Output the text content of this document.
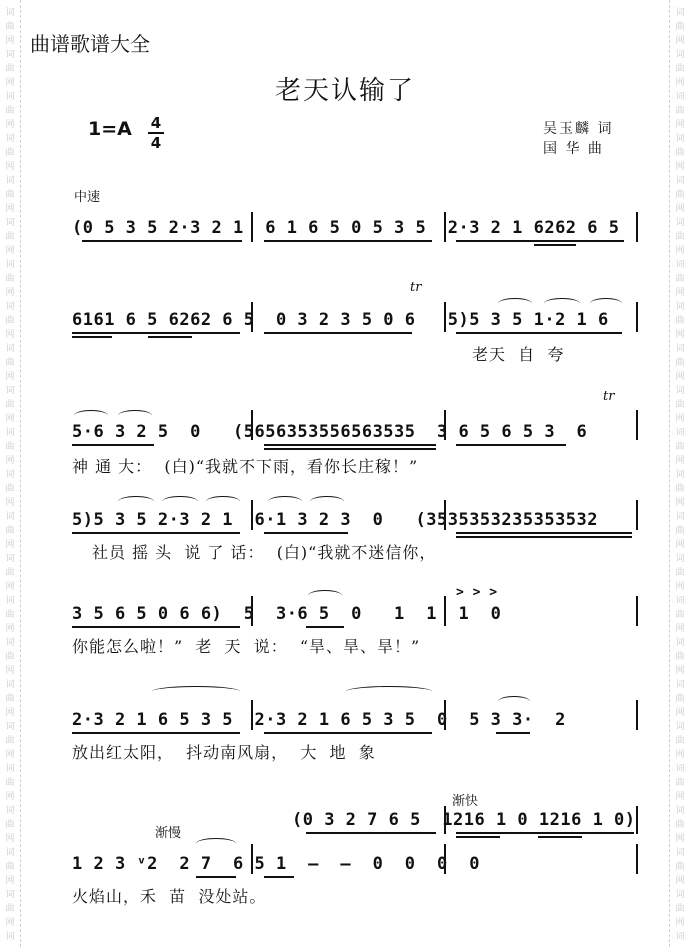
词
曲
网
词
曲
网
词
曲
网
词
曲
网
词
曲
网
词
曲
网
词
曲
网
词
曲
网
词
曲
网
词
曲
网
词
曲
网
词
曲
网
词
曲
网
词
曲
网
词
曲
网
词
曲
网
词
曲
网
词
曲
网
词
曲
网
词
曲
网
词
曲
网
词
曲
网
词
词
曲
网
词
曲
网
词
曲
网
词
曲
网
词
曲
网
词
曲
网
词
曲
网
词
曲
网
词
曲
网
词
曲
网
词
曲
网
词
曲
网
词
曲
网
词
曲
网
词
曲
网
词
曲
网
词
曲
网
词
曲
网
词
曲
网
词
曲
网
词
曲
网
词
曲
网
词
曲谱歌谱大全
老天认输了
1=A 4
4
吴玉麟 词
国 华 曲
中速
tr
tr
渐慢
渐快
(0 5 3 5 2·3 2 1  6 1 6 5 0 5 3 5  2·3 2 1 6262 6 5
6161 6 5 6262 6 5  0 3 2 3 5 0 6   5)5 3 5 1·2 1 6
老天  自  夸
5·6 3 2 5  0   (5656353556563535  3 6 5 6 5 3  6
神 通 大：  (白)“我就不下雨，看你长庄稼！”
5)5 3 5 2·3 2 1  6·1 3 2 3  0   (3535353235353532
社员 摇 头  说 了 话：  (白)“我就不迷信你，
> > >
3 5 6 5 0 6 6)  5  3·6 5  0   1  1  1  0
你能怎么啦！”  老  天  说：  “旱、旱、旱！”
2·3 2 1 6 5 3 5  2·3 2 1 6 5 3 5  0  5 3 3·  2
放出红太阳，  抖动南风扇，  大  地  象
(0 3 2 7 6 5  1216 1 0 1216 1 0)
1 2 3 ᵛ2  2 7  6 5 1  —  —  0  0  0  0
火焰山，禾  苗  没处站。
